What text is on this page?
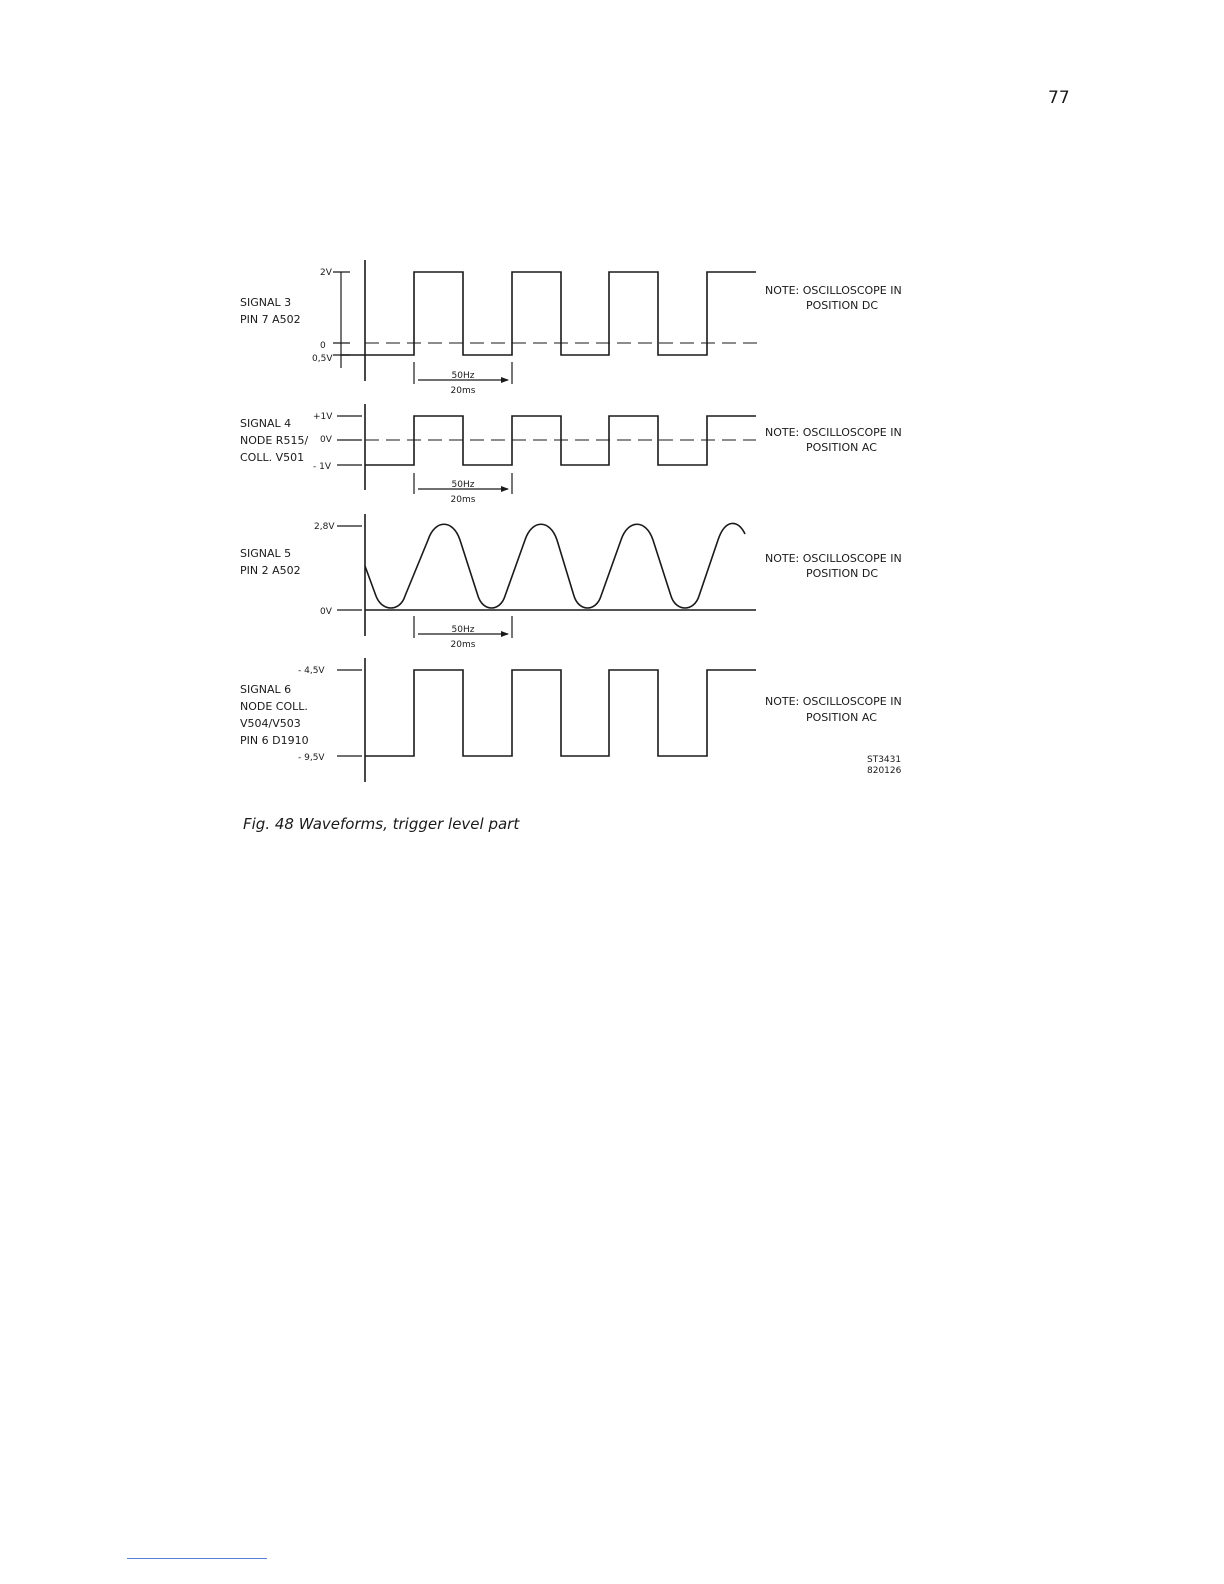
77
SIGNAL 3
PIN 7 A502
2V
0
0,5V
50Hz
20ms
NOTE: OSCILLOSCOPE IN
POSITION DC
SIGNAL 4
NODE R515/
COLL. V501
+1V
0V
- 1V
50Hz
20ms
NOTE: OSCILLOSCOPE IN
POSITION AC
SIGNAL 5
PIN 2 A502
2,8V
0V
50Hz
20ms
NOTE: OSCILLOSCOPE IN
POSITION DC
SIGNAL 6
NODE COLL.
V504/V503
PIN 6 D1910
- 4,5V
- 9,5V
NOTE: OSCILLOSCOPE IN
POSITION AC
ST3431
820126
Fig. 48 Waveforms, trigger level part
